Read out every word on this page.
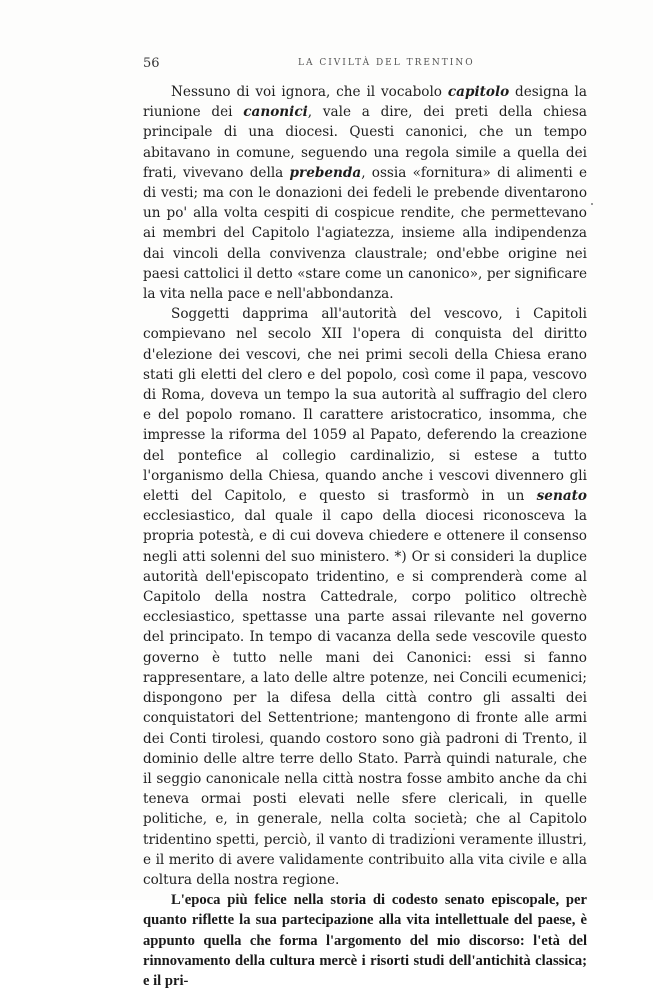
56	LA CIVILTÀ DEL TRENTINO

Nessuno di voi ignora, che il vocabolo capitolo designa la riunione dei canonici, vale a dire, dei preti della chiesa principale di una diocesi. Questi canonici, che un tempo abitavano in comune, seguendo una regola simile a quella dei frati, vivevano della prebenda, ossia «fornitura» di alimenti e di vesti; ma con le donazioni dei fedeli le prebende diventarono un po' alla volta cespiti di cospicue rendite, che permettevano ai membri del Capitolo l'agiatezza, insieme alla indipendenza dai vincoli della convivenza claustrale; ond'ebbe origine nei paesi cattolici il detto «stare come un canonico», per significare la vita nella pace e nell'abbondanza.

Soggetti dapprima all'autorità del vescovo, i Capitoli compievano nel secolo XII l'opera di conquista del diritto d'elezione dei vescovi, che nei primi secoli della Chiesa erano stati gli eletti del clero e del popolo, così come il papa, vescovo di Roma, doveva un tempo la sua autorità al suffragio del clero e del popolo romano. Il carattere aristocratico, insomma, che impresse la riforma del 1059 al Papato, deferendo la creazione del pontefice al collegio cardinalizio, si estese a tutto l'organismo della Chiesa, quando anche i vescovi divennero gli eletti del Capitolo, e questo si trasformò in un senato ecclesiastico, dal quale il capo della diocesi riconosceva la propria potestà, e di cui doveva chiedere e ottenere il consenso negli atti solenni del suo ministero. *) Or si consideri la duplice autorità dell'episcopato tridentino, e si comprenderà come al Capitolo della nostra Cattedrale, corpo politico oltrechè ecclesiastico, spettasse una parte assai rilevante nel governo del principato. In tempo di vacanza della sede vescovile questo governo è tutto nelle mani dei Canonici: essi si fanno rappresentare, a lato delle altre potenze, nei Concili ecumenici; dispongono per la difesa della città contro gli assalti dei conquistatori del Settentrione; mantengono di fronte alle armi dei Conti tirolesi, quando costoro sono già padroni di Trento, il dominio delle altre terre dello Stato. Parrà quindi naturale, che il seggio canonicale nella città nostra fosse ambito anche da chi teneva ormai posti elevati nelle sfere clericali, in quelle politiche, e, in generale, nella colta società; che al Capitolo tridentino spetti, perciò, il vanto di tradizioni veramente illustri, e il merito di avere validamente contribuito alla vita civile e alla coltura della nostra regione.

L'epoca più felice nella storia di codesto senato episcopale, per quanto riflette la sua partecipazione alla vita intellettuale del paese, è appunto quella che forma l'argomento del mio discorso: l'età del rinnovamento della cultura mercè i risorti studi dell'antichità classica; e il pri-
